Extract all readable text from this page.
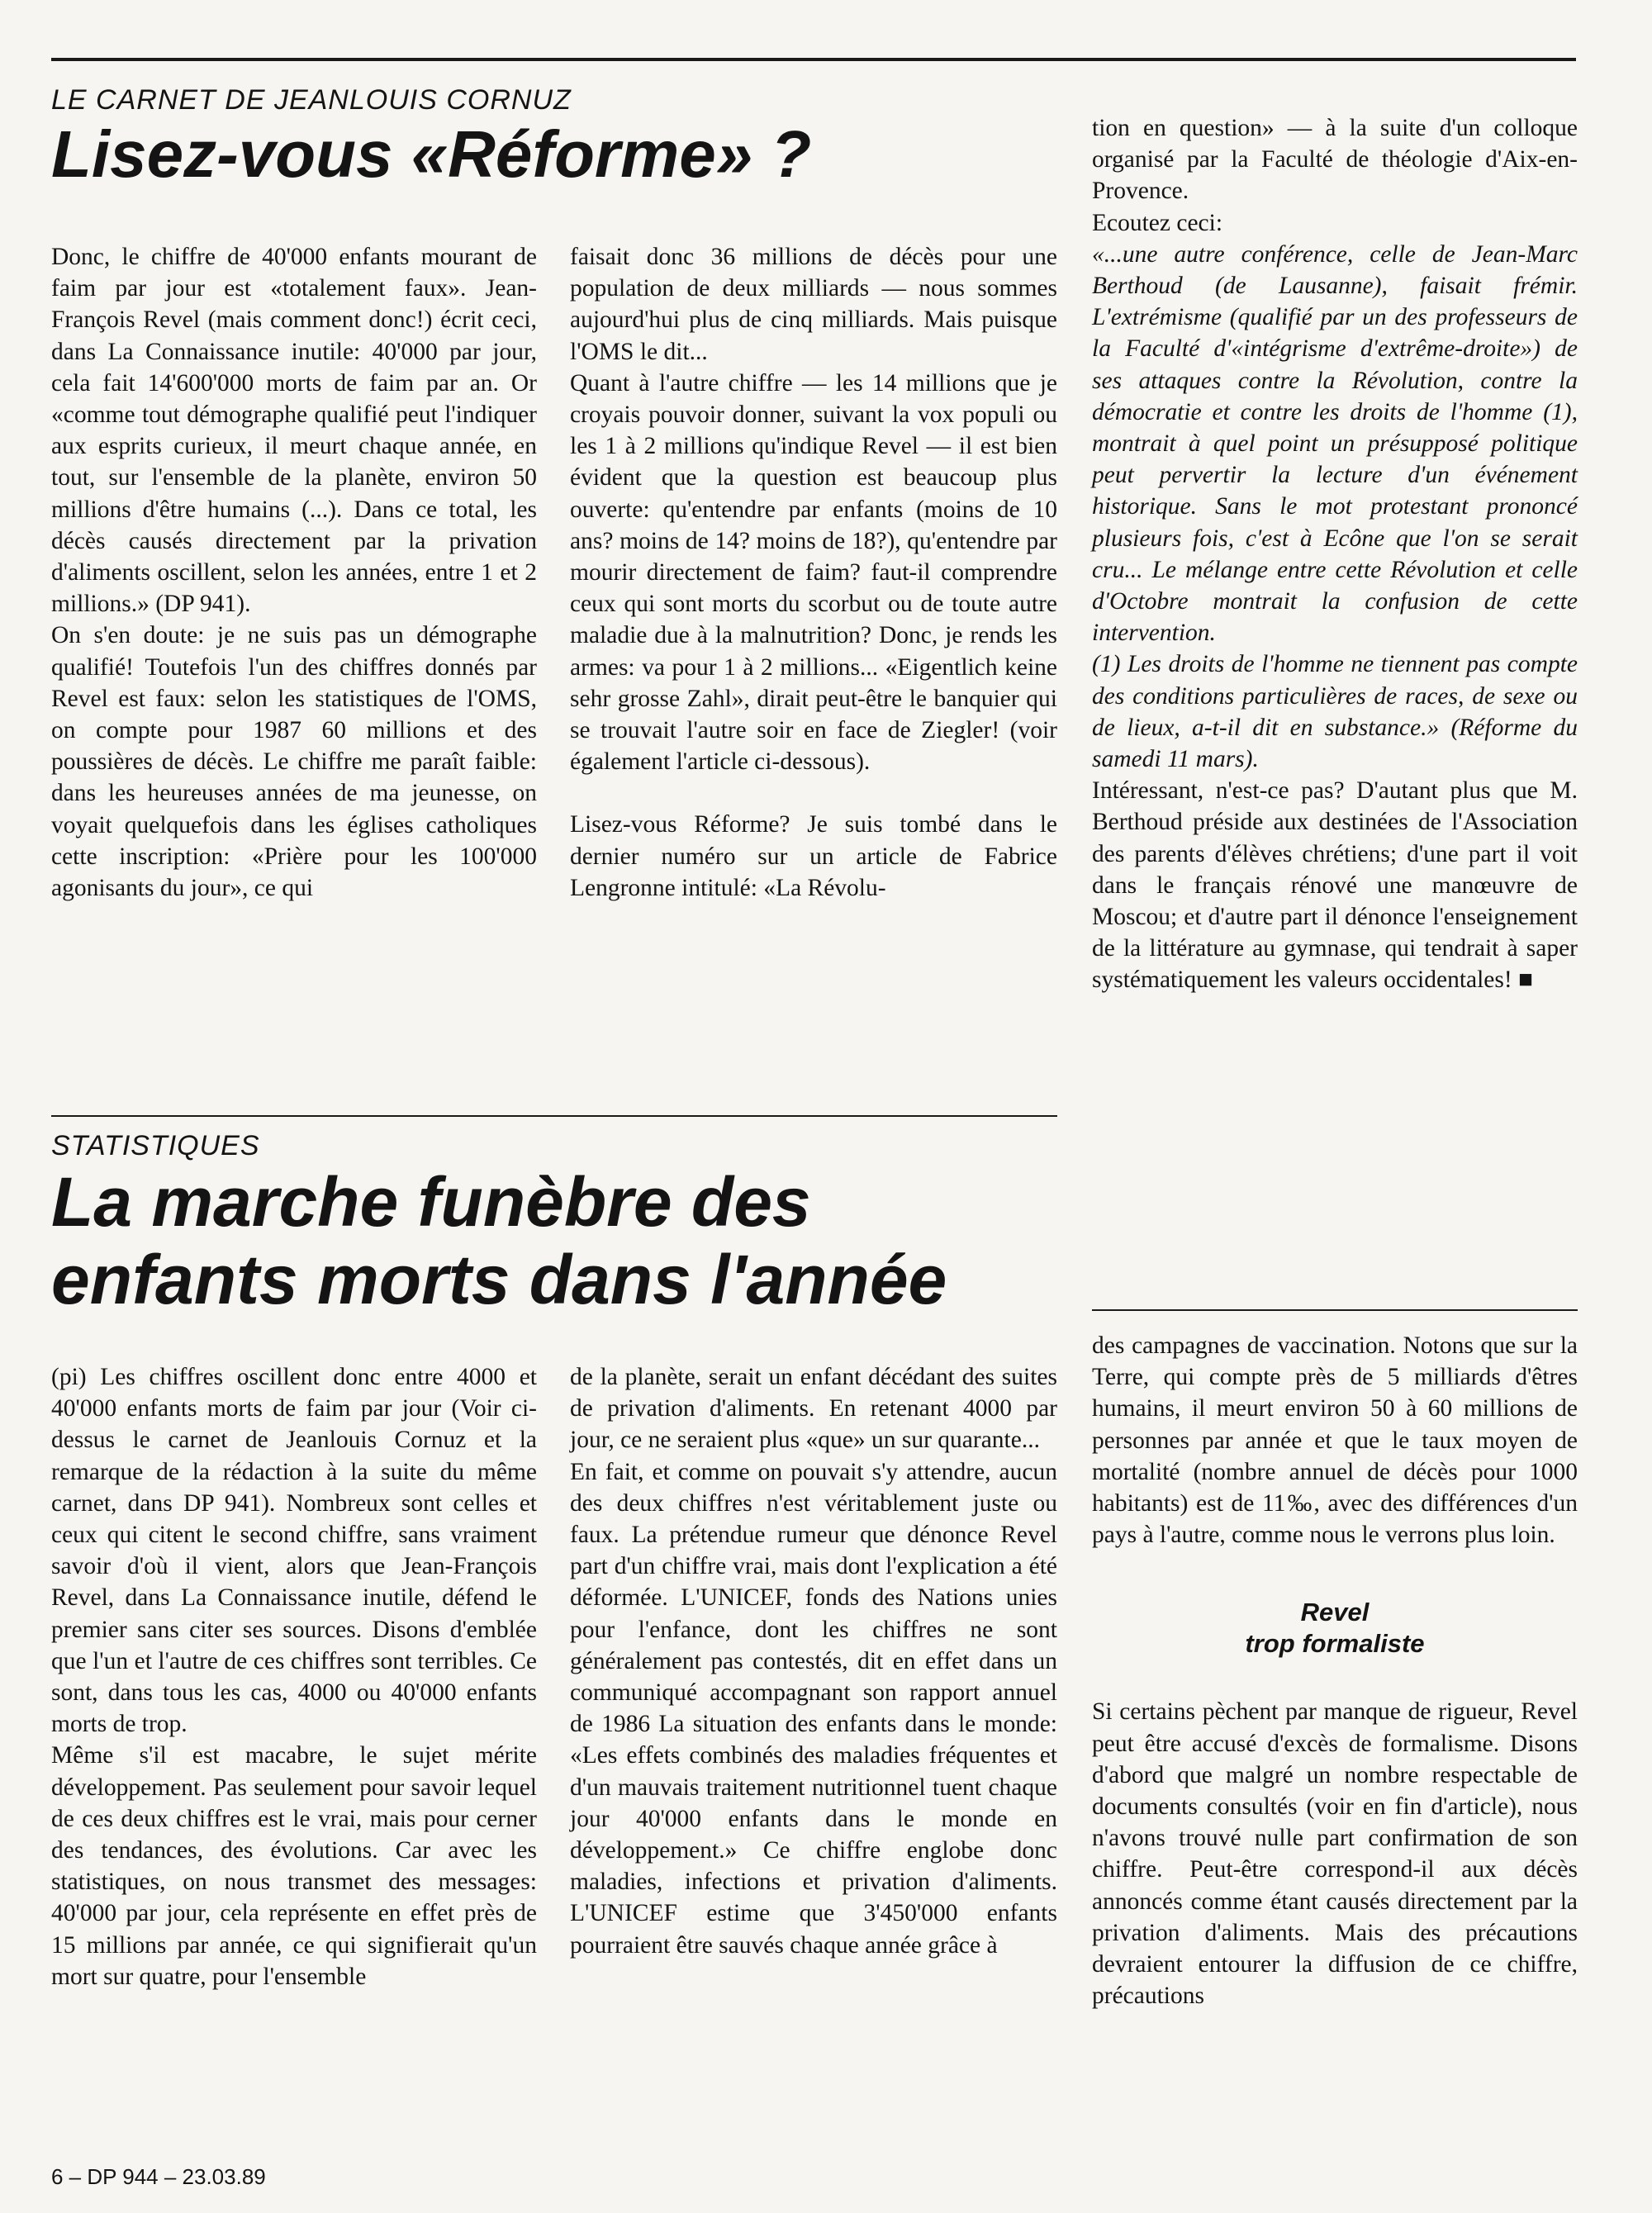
LE CARNET DE JEANLOUIS CORNUZ
Lisez-vous «Réforme» ?

Donc, le chiffre de 40'000 enfants mourant de faim par jour est «totalement faux». Jean-François Revel (mais comment donc!) écrit ceci, dans La Connaissance inutile: 40'000 par jour, cela fait 14'600'000 morts de faim par an. Or «comme tout démographe qualifié peut l'indiquer aux esprits curieux, il meurt chaque année, en tout, sur l'ensemble de la planète, environ 50 millions d'être humains (...). Dans ce total, les décès causés directement par la privation d'aliments oscillent, selon les années, entre 1 et 2 millions.» (DP 941).

On s'en doute: je ne suis pas un démographe qualifié! Toutefois l'un des chiffres donnés par Revel est faux: selon les statistiques de l'OMS, on compte pour 1987 60 millions et des poussières de décès. Le chiffre me paraît faible: dans les heureuses années de ma jeunesse, on voyait quelquefois dans les églises catholiques cette inscription: «Prière pour les 100'000 agonisants du jour», ce qui

faisait donc 36 millions de décès pour une population de deux milliards — nous sommes aujourd'hui plus de cinq milliards. Mais puisque l'OMS le dit...

Quant à l'autre chiffre — les 14 millions que je croyais pouvoir donner, suivant la vox populi ou les 1 à 2 millions qu'indique Revel — il est bien évident que la question est beaucoup plus ouverte: qu'entendre par enfants (moins de 10 ans? moins de 14? moins de 18?), qu'entendre par mourir directement de faim? faut-il comprendre ceux qui sont morts du scorbut ou de toute autre maladie due à la malnutrition? Donc, je rends les armes: va pour 1 à 2 millions... «Eigentlich keine sehr grosse Zahl», dirait peut-être le banquier qui se trouvait l'autre soir en face de Ziegler! (voir également l'article ci-dessous).

Lisez-vous Réforme? Je suis tombé dans le dernier numéro sur un article de Fabrice Lengronne intitulé: «La Révolu-

tion en question» — à la suite d'un colloque organisé par la Faculté de théologie d'Aix-en-Provence.

Ecoutez ceci:

«...une autre conférence, celle de Jean-Marc Berthoud (de Lausanne), faisait frémir. L'extrémisme (qualifié par un des professeurs de la Faculté d'«intégrisme d'extrême-droite») de ses attaques contre la Révolution, contre la démocratie et contre les droits de l'homme (1), montrait à quel point un présupposé politique peut pervertir la lecture d'un événement historique. Sans le mot protestant prononcé plusieurs fois, c'est à Ecône que l'on se serait cru... Le mélange entre cette Révolution et celle d'Octobre montrait la confusion de cette intervention.

(1) Les droits de l'homme ne tiennent pas compte des conditions particulières de races, de sexe ou de lieux, a-t-il dit en substance.» (Réforme du samedi 11 mars).

Intéressant, n'est-ce pas? D'autant plus que M. Berthoud préside aux destinées de l'Association des parents d'élèves chrétiens; d'une part il voit dans le français rénové une manœuvre de Moscou; et d'autre part il dénonce l'enseignement de la littérature au gymnase, qui tendrait à saper systématiquement les valeurs occidentales! ■

STATISTIQUES
La marche funèbre des
enfants morts dans l'année

(pi) Les chiffres oscillent donc entre 4000 et 40'000 enfants morts de faim par jour (Voir ci-dessus le carnet de Jeanlouis Cornuz et la remarque de la rédaction à la suite du même carnet, dans DP 941). Nombreux sont celles et ceux qui citent le second chiffre, sans vraiment savoir d'où il vient, alors que Jean-François Revel, dans La Connaissance inutile, défend le premier sans citer ses sources. Disons d'emblée que l'un et l'autre de ces chiffres sont terribles. Ce sont, dans tous les cas, 4000 ou 40'000 enfants morts de trop.

Même s'il est macabre, le sujet mérite développement. Pas seulement pour savoir lequel de ces deux chiffres est le vrai, mais pour cerner des tendances, des évolutions. Car avec les statistiques, on nous transmet des messages: 40'000 par jour, cela représente en effet près de 15 millions par année, ce qui signifierait qu'un mort sur quatre, pour l'ensemble

de la planète, serait un enfant décédant des suites de privation d'aliments. En retenant 4000 par jour, ce ne seraient plus «que» un sur quarante...

En fait, et comme on pouvait s'y attendre, aucun des deux chiffres n'est véritablement juste ou faux. La prétendue rumeur que dénonce Revel part d'un chiffre vrai, mais dont l'explication a été déformée. L'UNICEF, fonds des Nations unies pour l'enfance, dont les chiffres ne sont généralement pas contestés, dit en effet dans un communiqué accompagnant son rapport annuel de 1986 La situation des enfants dans le monde: «Les effets combinés des maladies fréquentes et d'un mauvais traitement nutritionnel tuent chaque jour 40'000 enfants dans le monde en développement.» Ce chiffre englobe donc maladies, infections et privation d'aliments. L'UNICEF estime que 3'450'000 enfants pourraient être sauvés chaque année grâce à

des campagnes de vaccination. Notons que sur la Terre, qui compte près de 5 milliards d'êtres humains, il meurt environ 50 à 60 millions de personnes par année et que le taux moyen de mortalité (nombre annuel de décès pour 1000 habitants) est de 11‰, avec des différences d'un pays à l'autre, comme nous le verrons plus loin.

Revel
trop formaliste

Si certains pèchent par manque de rigueur, Revel peut être accusé d'excès de formalisme. Disons d'abord que malgré un nombre respectable de documents consultés (voir en fin d'article), nous n'avons trouvé nulle part confirmation de son chiffre. Peut-être correspond-il aux décès annoncés comme étant causés directement par la privation d'aliments. Mais des précautions devraient entourer la diffusion de ce chiffre, précautions

6 – DP 944 – 23.03.89
